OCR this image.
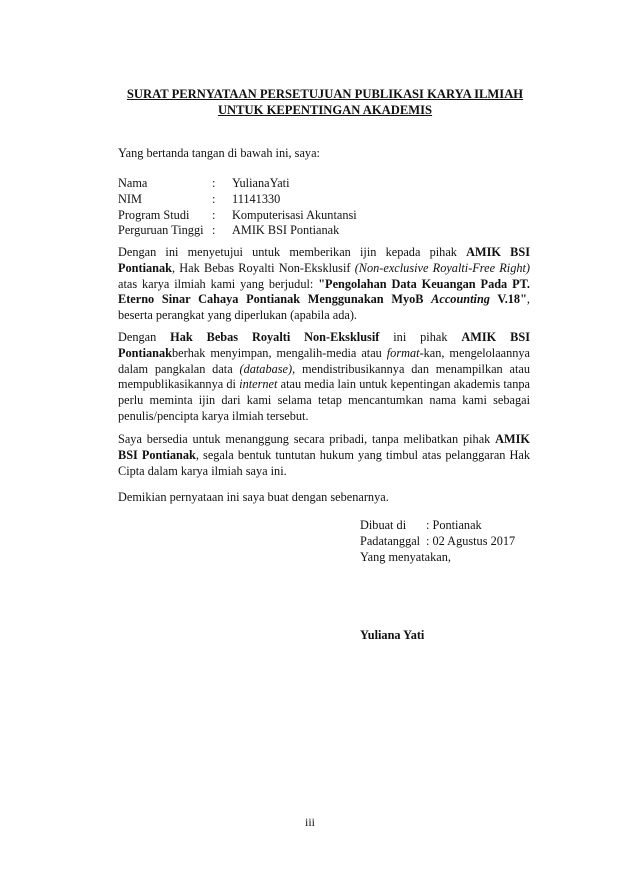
SURAT PERNYATAAN PERSETUJUAN PUBLIKASI KARYA ILMIAH
UNTUK KEPENTINGAN AKADEMIS
Yang bertanda tangan di bawah ini, saya:
Nama	:	YulianaYati
NIM	:	11141330
Program Studi	:	Komputerisasi Akuntansi
Perguruan Tinggi :	AMIK BSI Pontianak
Dengan ini menyetujui untuk memberikan ijin kepada pihak AMIK BSI Pontianak, Hak Bebas Royalti Non-Eksklusif (Non-exclusive Royalti-Free Right) atas karya ilmiah kami yang berjudul: "Pengolahan Data Keuangan Pada PT. Eterno Sinar Cahaya Pontianak Menggunakan MyoB Accounting V.18", beserta perangkat yang diperlukan (apabila ada).
Dengan Hak Bebas Royalti Non-Eksklusif ini pihak AMIK BSI Pontianakberhak menyimpan, mengalih-media atau format-kan, mengelolaannya dalam pangkalan data (database), mendistribusikannya dan menampilkan atau mempublikasikannya di internet atau media lain untuk kepentingan akademis tanpa perlu meminta ijin dari kami selama tetap mencantumkan nama kami sebagai penulis/pencipta karya ilmiah tersebut.
Saya bersedia untuk menanggung secara pribadi, tanpa melibatkan pihak AMIK BSI Pontianak, segala bentuk tuntutan hukum yang timbul atas pelanggaran Hak Cipta dalam karya ilmiah saya ini.
Demikian pernyataan ini saya buat dengan sebenarnya.
Dibuat di	: Pontianak
Padatanggal : 02 Agustus 2017
Yang menyatakan,
Yuliana Yati
iii
